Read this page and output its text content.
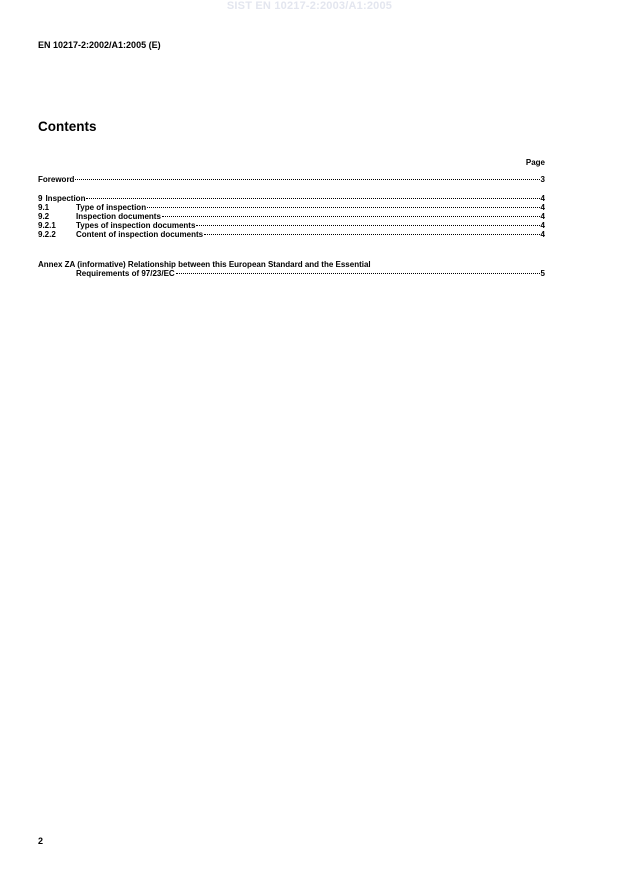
SIST EN 10217-2:2003/A1:2005
EN 10217-2:2002/A1:2005 (E)
Contents
Page
Foreword	3
9 Inspection	4
9.1	Type of inspection	4
9.2	Inspection documents	4
9.2.1	Types of inspection documents	4
9.2.2	Content of inspection documents	4
Annex ZA (informative) Relationship between this European Standard and the Essential
Requirements of 97/23/EC	5
2
